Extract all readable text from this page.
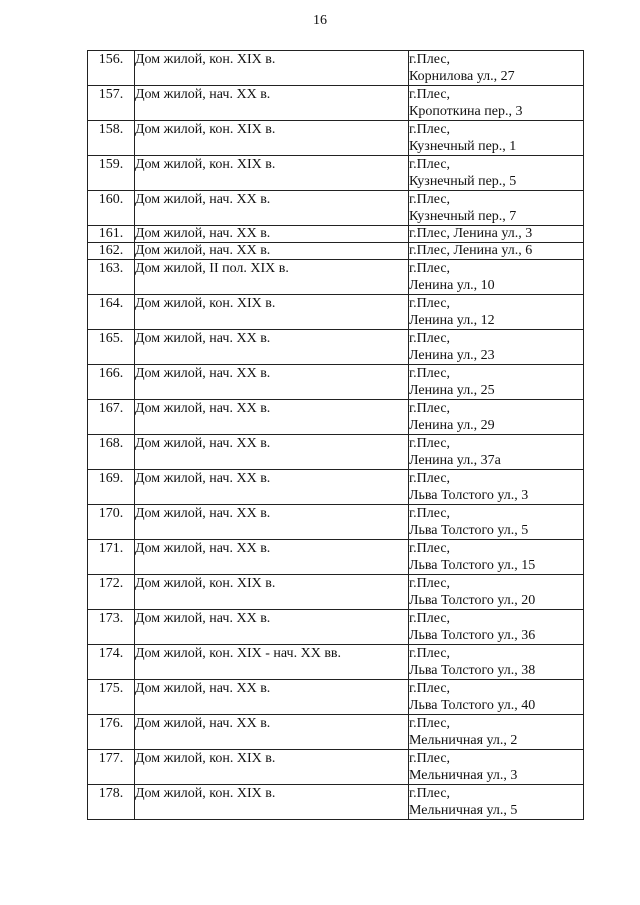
16
156.	Дом жилой, кон. XIX в.	г.Плес,
Корнилова ул., 27

157.	Дом жилой, нач. XX в.	г.Плес,
Кропоткина пер., 3

158.	Дом жилой, кон. XIX в.	г.Плес,
Кузнечный пер., 1

159.	Дом жилой, кон. XIX в.	г.Плес,
Кузнечный пер., 5

160.	Дом жилой, нач. XX в.	г.Плес,
Кузнечный пер., 7

161.	Дом жилой, нач. XX в.	г.Плес, Ленина ул., 3

162.	Дом жилой, нач. XX в.	г.Плес, Ленина ул., 6

163.	Дом жилой, II пол. XIX в.	г.Плес,
Ленина ул., 10

164.	Дом жилой, кон. XIX в.	г.Плес,
Ленина ул., 12

165.	Дом жилой, нач. XX в.	г.Плес,
Ленина ул., 23

166.	Дом жилой, нач. XX в.	г.Плес,
Ленина ул., 25

167.	Дом жилой, нач. XX в.	г.Плес,
Ленина ул., 29

168.	Дом жилой, нач. XX в.	г.Плес,
Ленина ул., 37а

169.	Дом жилой, нач. XX в.	г.Плес,
Льва Толстого ул., 3

170.	Дом жилой, нач. XX в.	г.Плес,
Льва Толстого ул., 5

171.	Дом жилой, нач. XX в.	г.Плес,
Льва Толстого ул., 15

172.	Дом жилой, кон. XIX в.	г.Плес,
Льва Толстого ул., 20

173.	Дом жилой, нач. XX в.	г.Плес,
Льва Толстого ул., 36

174.	Дом жилой, кон. XIX - нач. XX вв.	г.Плес,
Льва Толстого ул., 38

175.	Дом жилой, нач. XX в.	г.Плес,
Льва Толстого ул., 40

176.	Дом жилой, нач. XX в.	г.Плес,
Мельничная ул., 2

177.	Дом жилой, кон. XIX в.	г.Плес,
Мельничная ул., 3

178.	Дом жилой, кон. XIX в.	г.Плес,
Мельничная ул., 5
